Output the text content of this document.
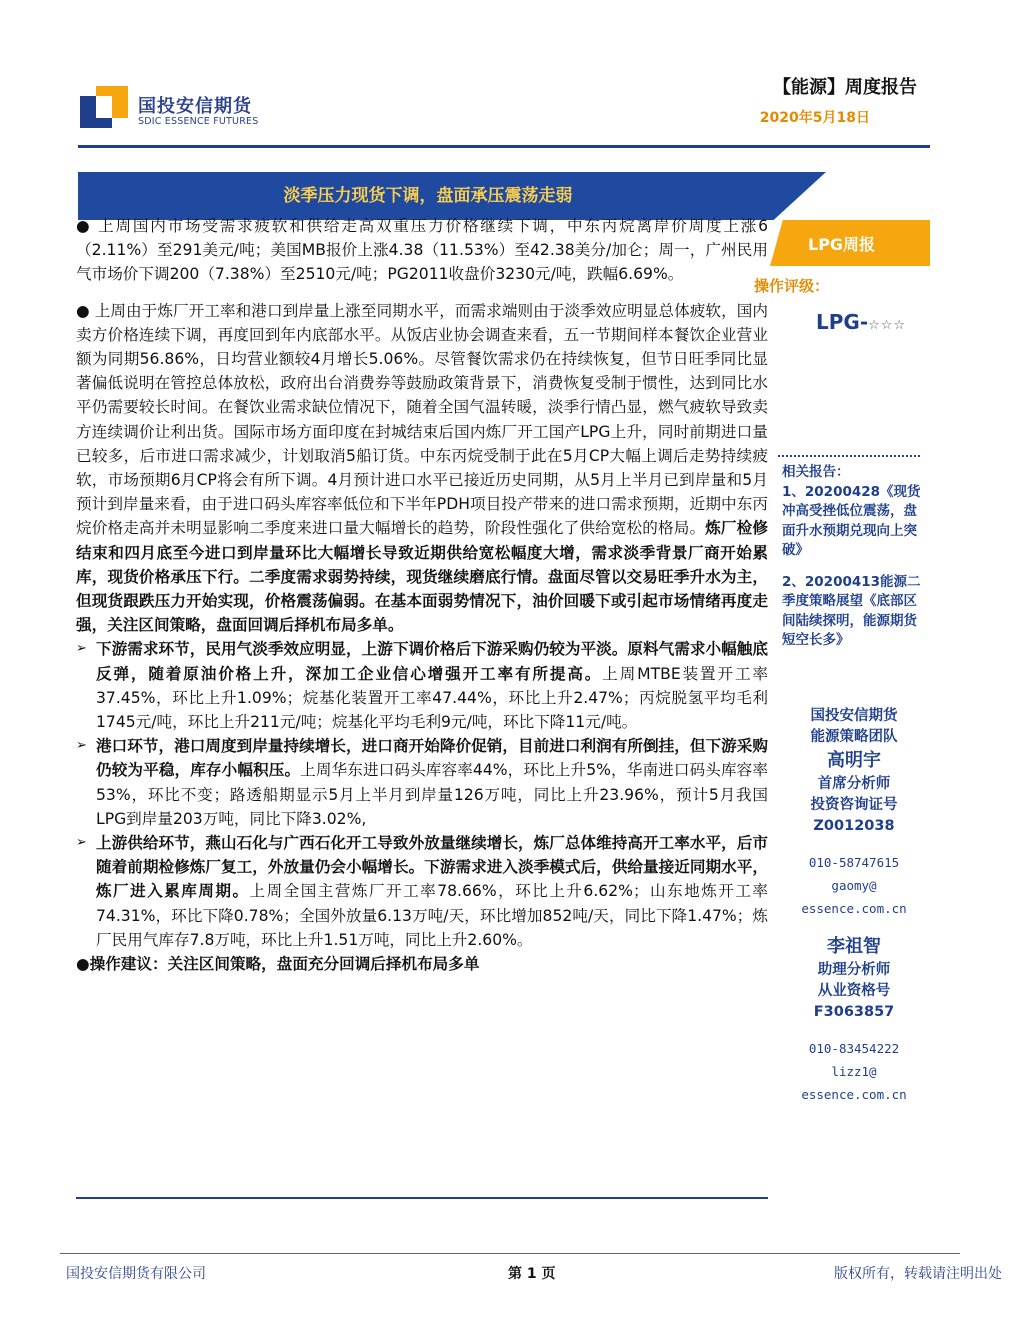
国投安信期货
SDIC ESSENCE FUTURES
【能源】周度报告
2020年5月18日
淡季压力现货下调，盘面承压震荡走弱

● 上周国内市场受需求疲软和供给走高双重压力价格继续下调，中东丙烷离岸价周度上涨6（2.11%）至291美元/吨；美国MB报价上涨4.38（11.53%）至42.38美分/加仑；周一，广州民用气市场价下调200（7.38%）至2510元/吨；PG2011收盘价3230元/吨，跌幅6.69%。

● 上周由于炼厂开工率和港口到岸量上涨至同期水平，而需求端则由于淡季效应明显总体疲软，国内卖方价格连续下调，再度回到年内底部水平。从饭店业协会调查来看，五一节期间样本餐饮企业营业额为同期56.86%，日均营业额较4月增长5.06%。尽管餐饮需求仍在持续恢复，但节日旺季同比显著偏低说明在管控总体放松，政府出台消费券等鼓励政策背景下，消费恢复受制于惯性，达到同比水平仍需要较长时间。在餐饮业需求缺位情况下，随着全国气温转暖，淡季行情凸显，燃气疲软导致卖方连续调价让利出货。国际市场方面印度在封城结束后国内炼厂开工国产LPG上升，同时前期进口量已较多，后市进口需求减少，计划取消5船订货。中东丙烷受制于此在5月CP大幅上调后走势持续疲软，市场预期6月CP将会有所下调。4月预计进口水平已接近历史同期，从5月上半月已到岸量和5月预计到岸量来看，由于进口码头库容率低位和下半年PDH项目投产带来的进口需求预期，近期中东丙烷价格走高并未明显影响二季度来进口量大幅增长的趋势，阶段性强化了供给宽松的格局。炼厂检修结束和四月底至今进口到岸量环比大幅增长导致近期供给宽松幅度大增，需求淡季背景厂商开始累库，现货价格承压下行。二季度需求弱势持续，现货继续磨底行情。盘面尽管以交易旺季升水为主，但现货跟跌压力开始实现，价格震荡偏弱。在基本面弱势情况下，油价回暖下或引起市场情绪再度走强，关注区间策略，盘面回调后择机布局多单。

➢ 下游需求环节，民用气淡季效应明显，上游下调价格后下游采购仍较为平淡。原料气需求小幅触底反弹，随着原油价格上升，深加工企业信心增强开工率有所提高。上周MTBE装置开工率37.45%，环比上升1.09%；烷基化装置开工率47.44%，环比上升2.47%；丙烷脱氢平均毛利1745元/吨，环比上升211元/吨；烷基化平均毛利9元/吨，环比下降11元/吨。

➢ 港口环节，港口周度到岸量持续增长，进口商开始降价促销，目前进口利润有所倒挂，但下游采购仍较为平稳，库存小幅积压。上周华东进口码头库容率44%，环比上升5%，华南进口码头库容率53%，环比不变；路透船期显示5月上半月到岸量126万吨，同比上升23.96%，预计5月我国LPG到岸量203万吨，同比下降3.02%,

➢ 上游供给环节，燕山石化与广西石化开工导致外放量继续增长，炼厂总体维持高开工率水平，后市随着前期检修炼厂复工，外放量仍会小幅增长。下游需求进入淡季模式后，供给量接近同期水平，炼厂进入累库周期。上周全国主营炼厂开工率78.66%，环比上升6.62%；山东地炼开工率74.31%，环比下降0.78%；全国外放量6.13万吨/天，环比增加852吨/天，同比下降1.47%；炼厂民用气库存7.8万吨，环比上升1.51万吨，同比上升2.60%。

●操作建议：关注区间策略，盘面充分回调后择机布局多单

LPG周报
操作评级：
LPG-☆☆☆

相关报告：

1、20200428《现货冲高受挫低位震荡，盘面升水预期兑现向上突破》

2、20200413能源二季度策略展望《底部区间陆续探明，能源期货短空长多》

国投安信期货

能源策略团队

高明宇

首席分析师

投资咨询证号

Z0012038

010-58747615

gaomy@

essence.com.cn

李祖智

助理分析师

从业资格号

F3063857

010-83454222

lizz1@

essence.com.cn

国投安信期货有限公司	第 1 页	版权所有，转载请注明出处
